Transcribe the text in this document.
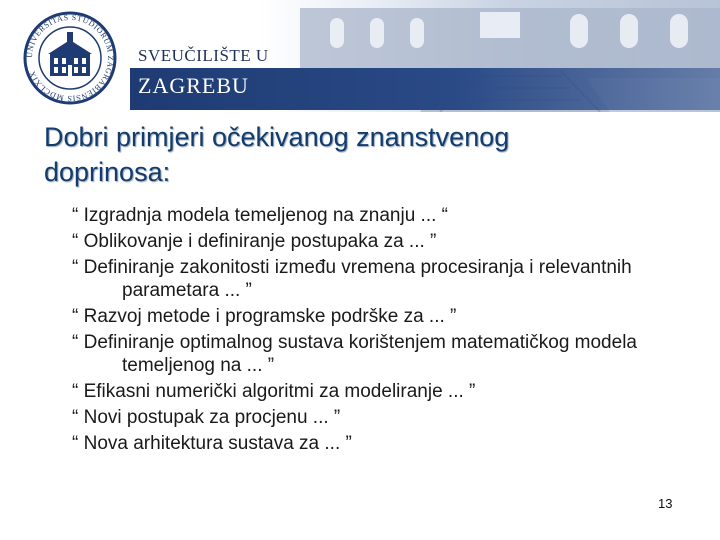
UNIVERSITAS STUDIORUM ZAGRABIENSIS MDCLXIX
SVEUČILIŠTE U
ZAGREBU
Dobri primjeri očekivanog znanstvenog
doprinosa:
“ Izgradnja modela temeljenog na znanju ... “
“ Oblikovanje i definiranje postupaka za ... ”
“ Definiranje zakonitosti između vremena procesiranja i relevantnih parametara ... ”
“ Razvoj metode i programske podrške za ... ”
“ Definiranje optimalnog sustava korištenjem matematičkog modela temeljenog na ... ”
“ Efikasni numerički algoritmi za modeliranje ... ”
“ Novi postupak za procjenu ... ”
“ Nova arhitektura sustava za ... ”
13
